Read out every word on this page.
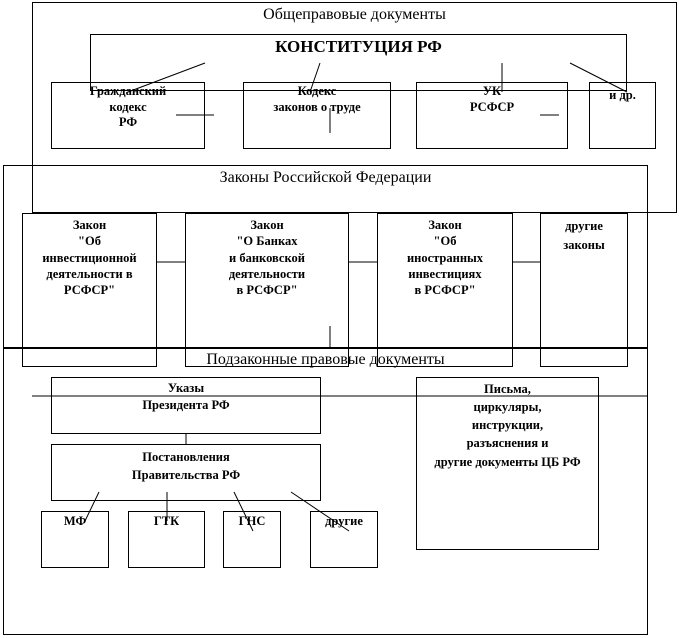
Общеправовые документы
КОНСТИТУЦИЯ РФ
Гражданский
кодекс
РФ
Кодекс
законов о труде
УК
РСФСР
и др.
Законы Российской Федерации
Закон
"Об
инвестиционной
деятельности в
РСФСР"
Закон
"О Банках
и банковской
деятельности
в РСФСР"
Закон
"Об
иностранных
инвестициях
в РСФСР"
другие
законы
Подзаконные правовые документы
Указы
Президента РФ
Постановления
Правительства РФ
Письма,
циркуляры,
инструкции,
разъяснения и
другие документы ЦБ РФ
МФ	ГТК	ГНС	другие
